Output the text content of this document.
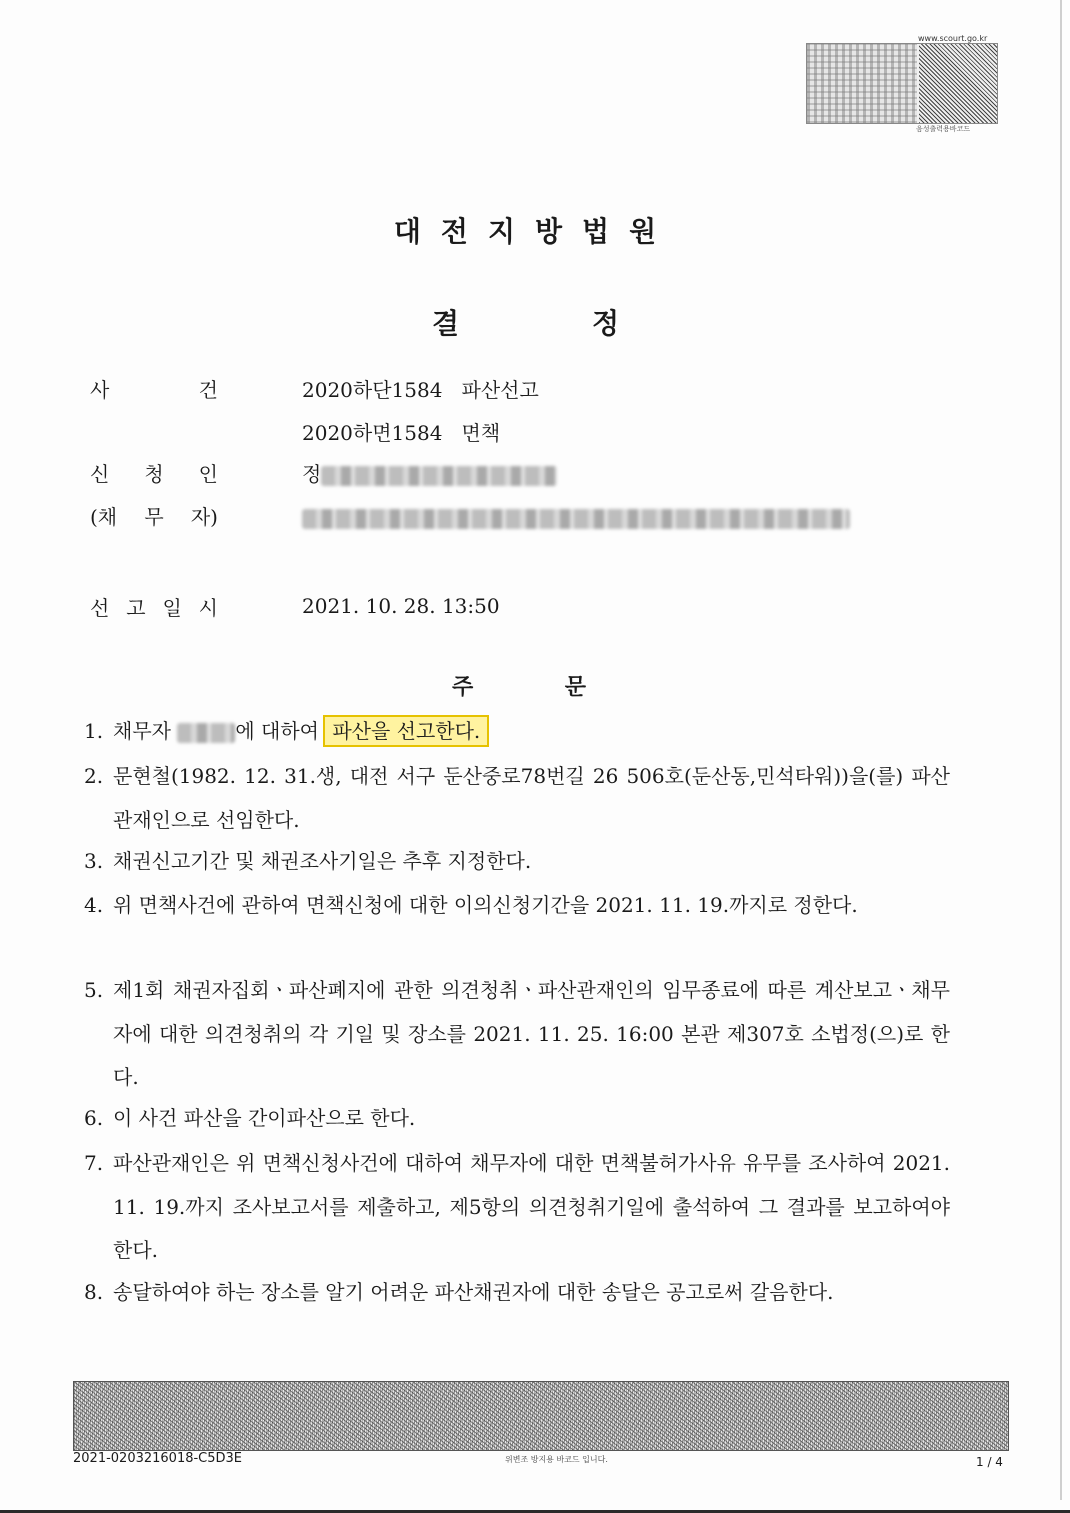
www.scourt.go.kr
음성출력용바코드
대전지방법원
결	정
사	건	2020하단1584 파산선고
2020하면1584 면책
신 청 인	정
(채 무 자)
선 고 일 시	2021. 10. 28. 13:50
주	문
1. 채무자	에 대하여 파산을 선고한다.
2. 문현철(1982. 12. 31.생, 대전 서구 둔산중로78번길 26 506호(둔산동,민석타워))을(를) 파산관재인으로 선임한다.
3. 채권신고기간 및 채권조사기일은 추후 지정한다.
4. 위 면책사건에 관하여 면책신청에 대한 이의신청기간을 2021. 11. 19.까지로 정한다.
5. 제1회 채권자집회ㆍ파산폐지에 관한 의견청취ㆍ파산관재인의 임무종료에 따른 계산보고ㆍ채무자에 대한 의견청취의 각 기일 및 장소를 2021. 11. 25. 16:00 본관 제307호 소법정(으)로 한다.
6. 이 사건 파산을 간이파산으로 한다.
7. 파산관재인은 위 면책신청사건에 대하여 채무자에 대한 면책불허가사유 유무를 조사하여 2021. 11. 19.까지 조사보고서를 제출하고, 제5항의 의견청취기일에 출석하여 그 결과를 보고하여야 한다.
8. 송달하여야 하는 장소를 알기 어려운 파산채권자에 대한 송달은 공고로써 갈음한다.
2021-0203216018-C5D3E	위변조 방지용 바코드 입니다.	1 / 4
